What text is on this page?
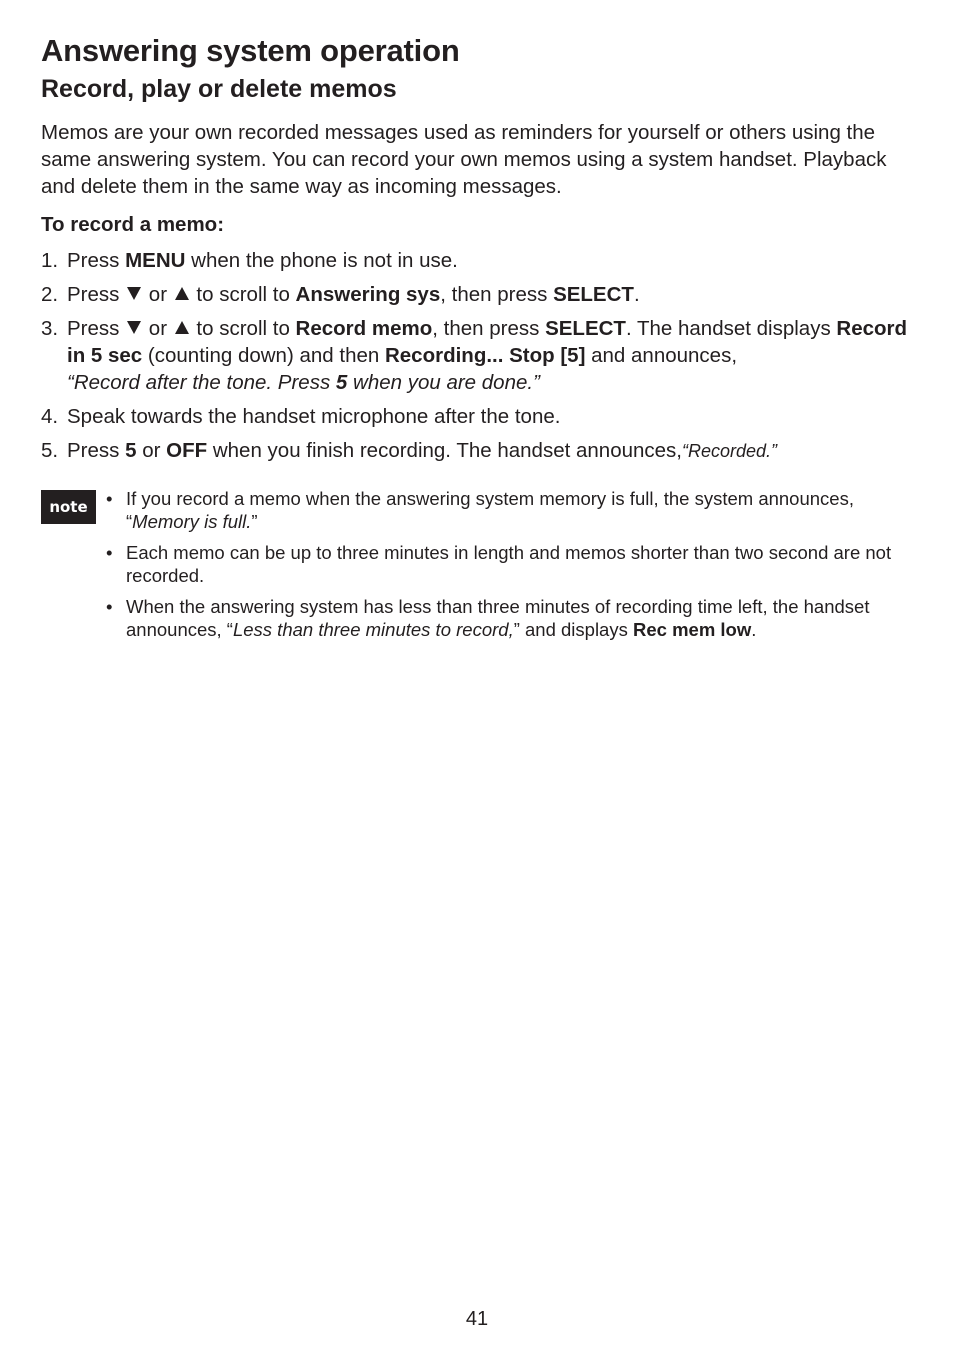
Answering system operation
Record, play or delete memos

Memos are your own recorded messages used as reminders for yourself or others using the same answering system. You can record your own memos using a system handset. Playback and delete them in the same way as incoming messages.

To record a memo:

1. Press MENU when the phone is not in use.
2. Press  or  to scroll to Answering sys, then press SELECT.
3. Press  or  to scroll to Record memo, then press SELECT. The handset displays Record in 5 sec (counting down) and then Recording... Stop [5] and announces,
“Record after the tone. Press 5 when you are done.”
4. Speak towards the handset microphone after the tone.
5. Press 5 or OFF when you finish recording. The handset announces,“Recorded.”
note • If you record a memo when the answering system memory is full, the system announces, “Memory is full.”
• Each memo can be up to three minutes in length and memos shorter than two second are not recorded.
• When the answering system has less than three minutes of recording time left, the handset announces, “Less than three minutes to record,” and displays Rec mem low.
41
